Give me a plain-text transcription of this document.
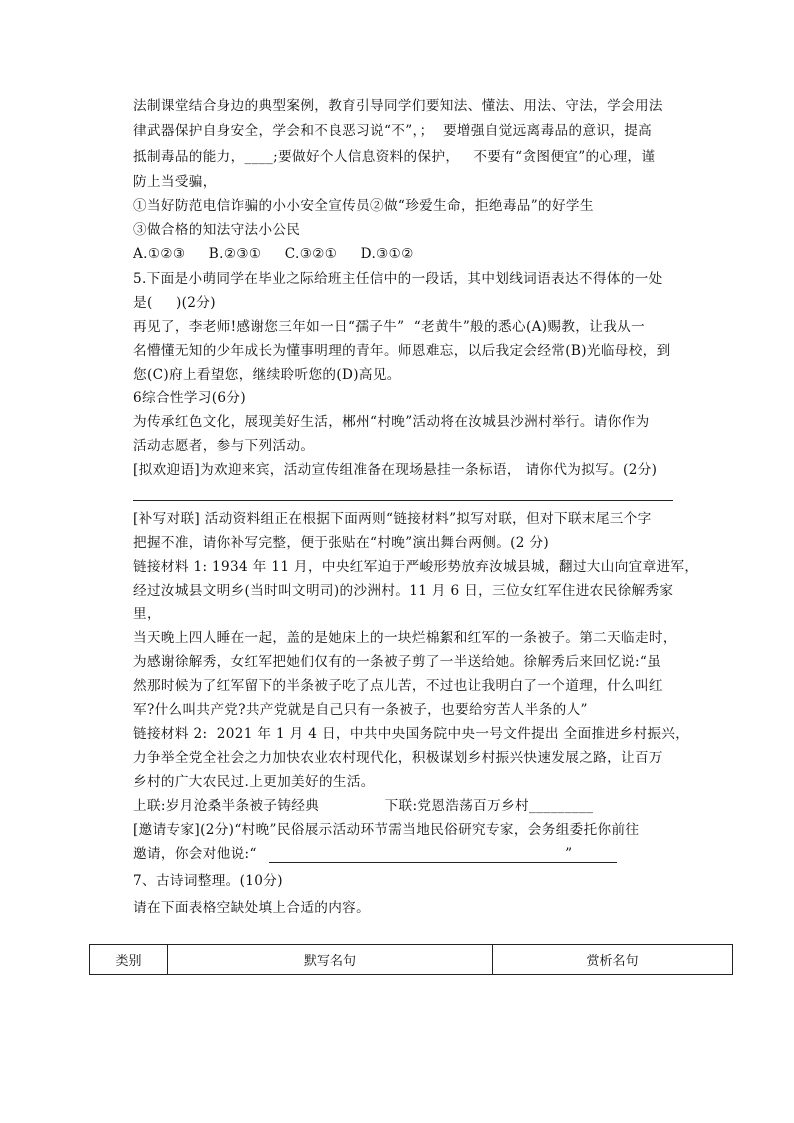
法制课堂结合身边的典型案例，教育引导同学们要知法、懂法、用法、守法，学会用法
律武器保护自身安全，学会和不良恶习说“不”，；  要增强自觉远离毒品的意识，提高
抵制毒品的能力，____;要做好个人信息资料的保护，   不要有“贪图便宜”的心理，谨
防上当受骗，
①当好防范电信诈骗的小小安全宣传员②做“珍爱生命，拒绝毒品”的好学生
③做合格的知法守法小公民
A.①②③     B.②③①     C.③②①     D.③①②
5.下面是小萌同学在毕业之际给班主任信中的一段话，其中划线词语表达不得体的一处
是(     )(2分)
再见了，李老师!感谢您三年如一日“孺子牛”  “老黄牛”般的悉心(A)赐教，让我从一
名懵懂无知的少年成长为懂事明理的青年。师恩难忘，以后我定会经常(B)光临母校，到
您(C)府上看望您，继续聆听您的(D)高见。
6综合性学习(6分)
为传承红色文化，展现美好生活，郴州“村晚”活动将在汝城县沙洲村举行。请你作为
活动志愿者，参与下列活动。
[拟欢迎语]为欢迎来宾，活动宣传组准备在现场悬挂一条标语， 请你代为拟写。(2分)
[补写对联] 活动资料组正在根据下面两则“链接材料”拟写对联，但对下联末尾三个字
把握不准，请你补写完整，便于张贴在“村晚”演出舞台两侧。(2 分)
链接材料 1: 1934 年 11 月，中央红军迫于严峻形势放弃汝城县城，翻过大山向宜章进军，
经过汝城县文明乡(当时叫文明司)的沙洲村。11 月 6 日，三位女红军住进农民徐解秀家
里，
当天晚上四人睡在一起，盖的是她床上的一块烂棉絮和红军的一条被子。第二天临走时，
为感谢徐解秀，女红军把她们仅有的一条被子剪了一半送给她。徐解秀后来回忆说:“虽
然那时候为了红军留下的半条被子吃了点儿苦，不过也让我明白了一个道理，什么叫红
军?什么叫共产党?共产党就是自己只有一条被子，也要给穷苦人半条的人”
链接材料 2:  2021 年 1 月 4 日，中共中央国务院中央一号文件提出 全面推进乡村振兴，
力争举全党全社会之力加快农业农村现代化，积极谋划乡村振兴快速发展之路，让百万
乡村的广大农民过.上更加美好的生活。
上联:岁月沧桑半条被子铸经典              下联:党恩浩荡百万乡村_________
[邀请专家](2分)“村晚”民俗展示活动环节需当地民俗研究专家，会务组委托你前往
邀请，你会对他说:“                                                                  ”
7、古诗词整理。(10分)
请在下面表格空缺处填上合适的内容。
类别	默写名句	赏析名句
